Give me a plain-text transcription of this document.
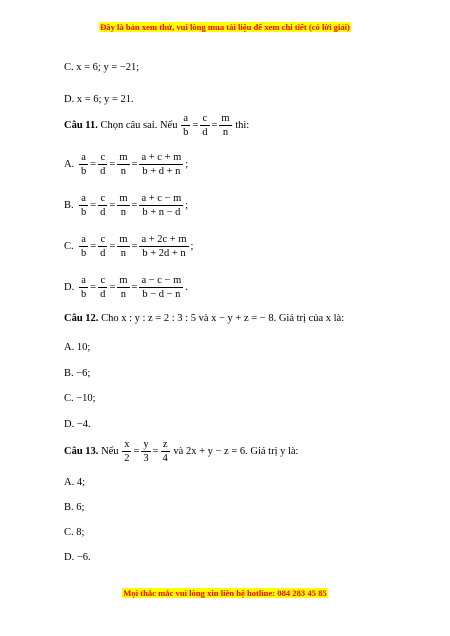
Đây là bản xem thử, vui lòng mua tài liệu để xem chi tiết (có lời giải)
C. x = 6; y = −21;
D. x = 6; y = 21.
Câu 11.
Chọn câu sai. Nếu
$\frac{a}{b} = \frac{c}{d} = \frac{m}{n}$
thì:
A. $\frac{a}{b} = \frac{c}{d} = \frac{m}{n} = \frac{a + c + m}{b + d + n}$ ;
B. $\frac{a}{b} = \frac{c}{d} = \frac{m}{n} = \frac{a + c - m}{b + n - d}$ ;
C. $\frac{a}{b} = \frac{c}{d} = \frac{m}{n} = \frac{a + 2c + m}{b + 2d + n}$ ;
D. $\frac{a}{b} = \frac{c}{d} = \frac{m}{n} = \frac{a - c - m}{b - d - n}$ .
Câu 12. Cho x : y : z = 2 : 3 : 5 và x − y + z = − 8. Giá trị của x là:
A. 10;
B. −6;
C. −10;
D. −4.
Câu 13.
Nếu
$\frac{x}{2} = \frac{y}{3} = \frac{z}{4}$
và 2x + y − z = 6. Giá trị y là:
A. 4;
B. 6;
C. 8;
D. −6.
Mọi thắc mắc vui lòng xin liên hệ hotline: 084 283 45 85
